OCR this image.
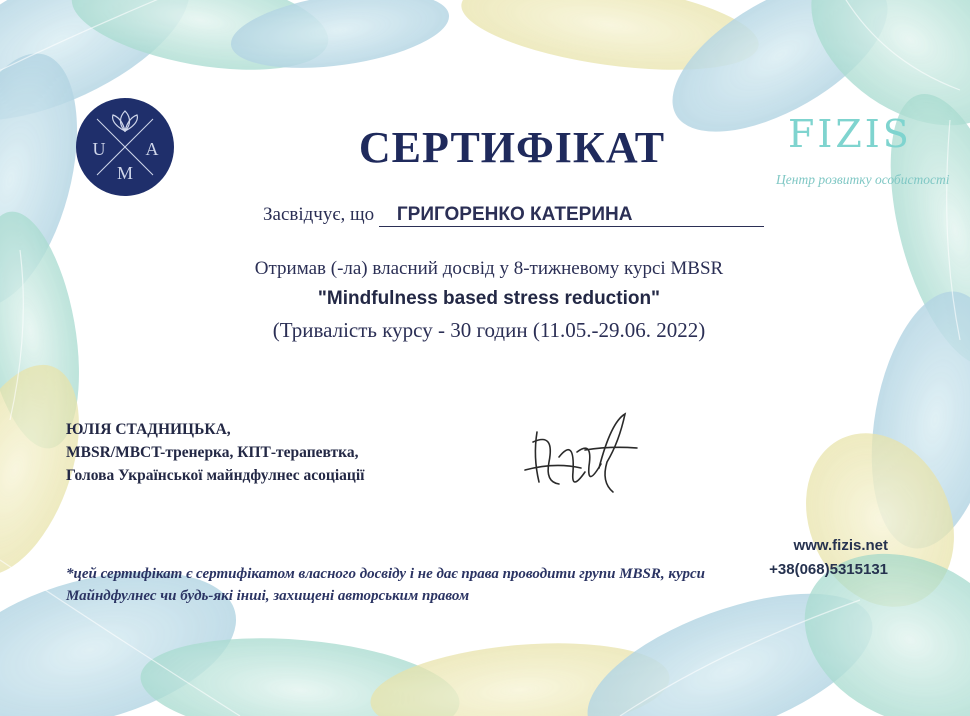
U A
M
FIZIS
Центр розвитку особистості
СЕРТИФІКАТ
Засвідчує, що ГРИГОРЕНКО КАТЕРИНА
Отримав (-ла) власний досвід у 8-тижневому курсі MBSR
"Mindfulness based stress reduction"
(Тривалість курсу - 30 годин (11.05.-29.06. 2022)
ЮЛІЯ СТАДНИЦЬКА,
MBSR/MBCT-тренерка, КПТ-терапевтка,
Голова Української майндфулнес асоціації
www.fizis.net
+38(068)5315131
*цей сертифікат є сертифікатом власного досвіду і не дає права проводити групи MBSR, курси Майндфулнес чи будь-які інші, захищені авторським правом
